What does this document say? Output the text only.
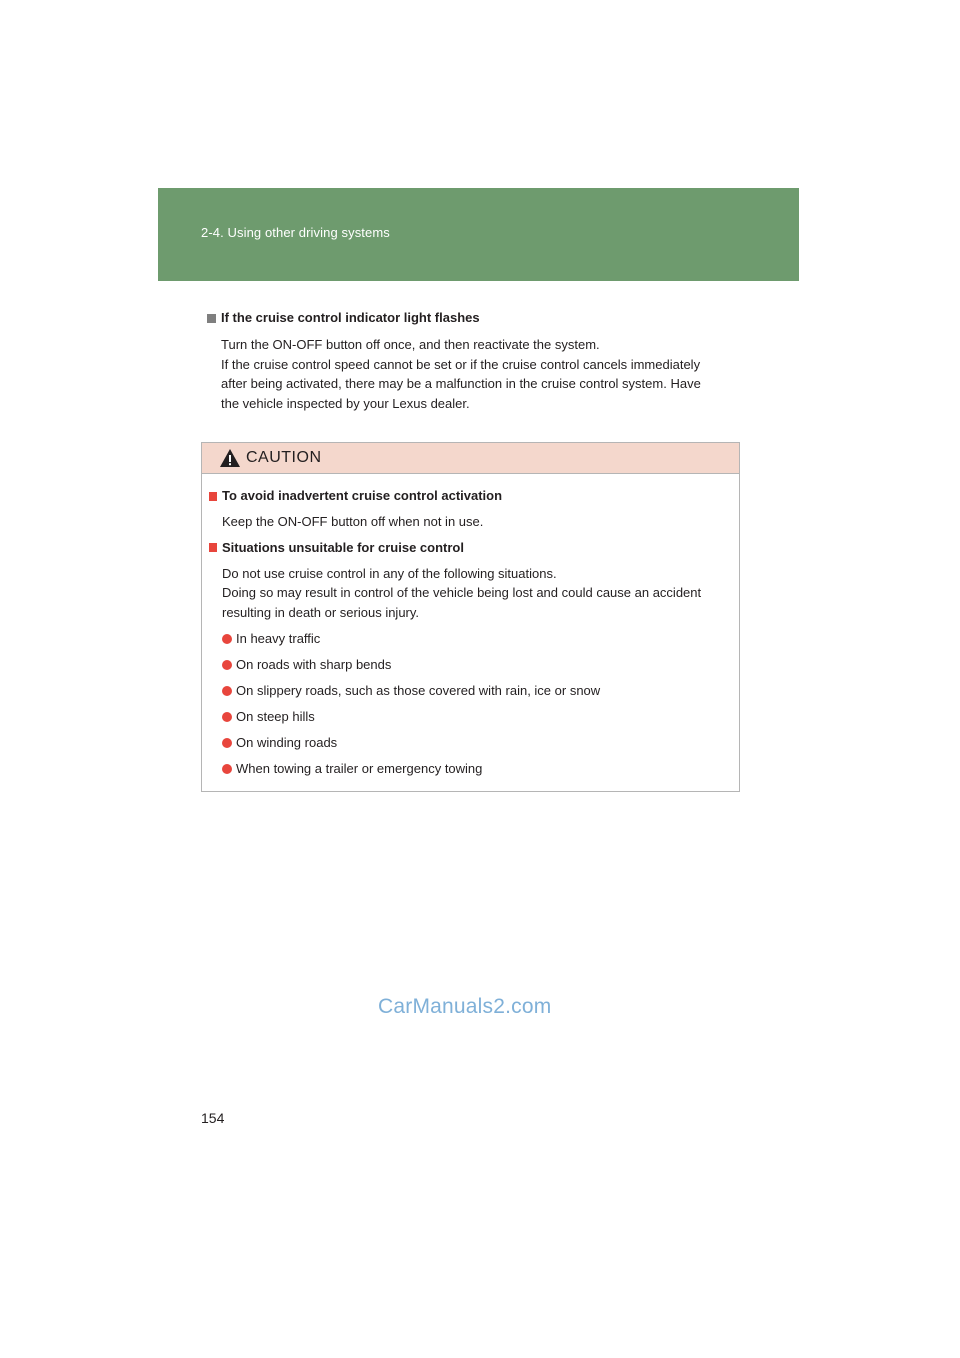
2-4. Using other driving systems
If the cruise control indicator light flashes

Turn the ON-OFF button off once, and then reactivate the system.

If the cruise control speed cannot be set or if the cruise control cancels immediately

after being activated, there may be a malfunction in the cruise control system. Have

the vehicle inspected by your Lexus dealer.

CAUTION
To avoid inadvertent cruise control activation

Keep the ON-OFF button off when not in use.

Situations unsuitable for cruise control

Do not use cruise control in any of the following situations.

Doing so may result in control of the vehicle being lost and could cause an accident

resulting in death or serious injury.

In heavy traffic
On roads with sharp bends
On slippery roads, such as those covered with rain, ice or snow
On steep hills
On winding roads
When towing a trailer or emergency towing
CarManuals2.com
154
